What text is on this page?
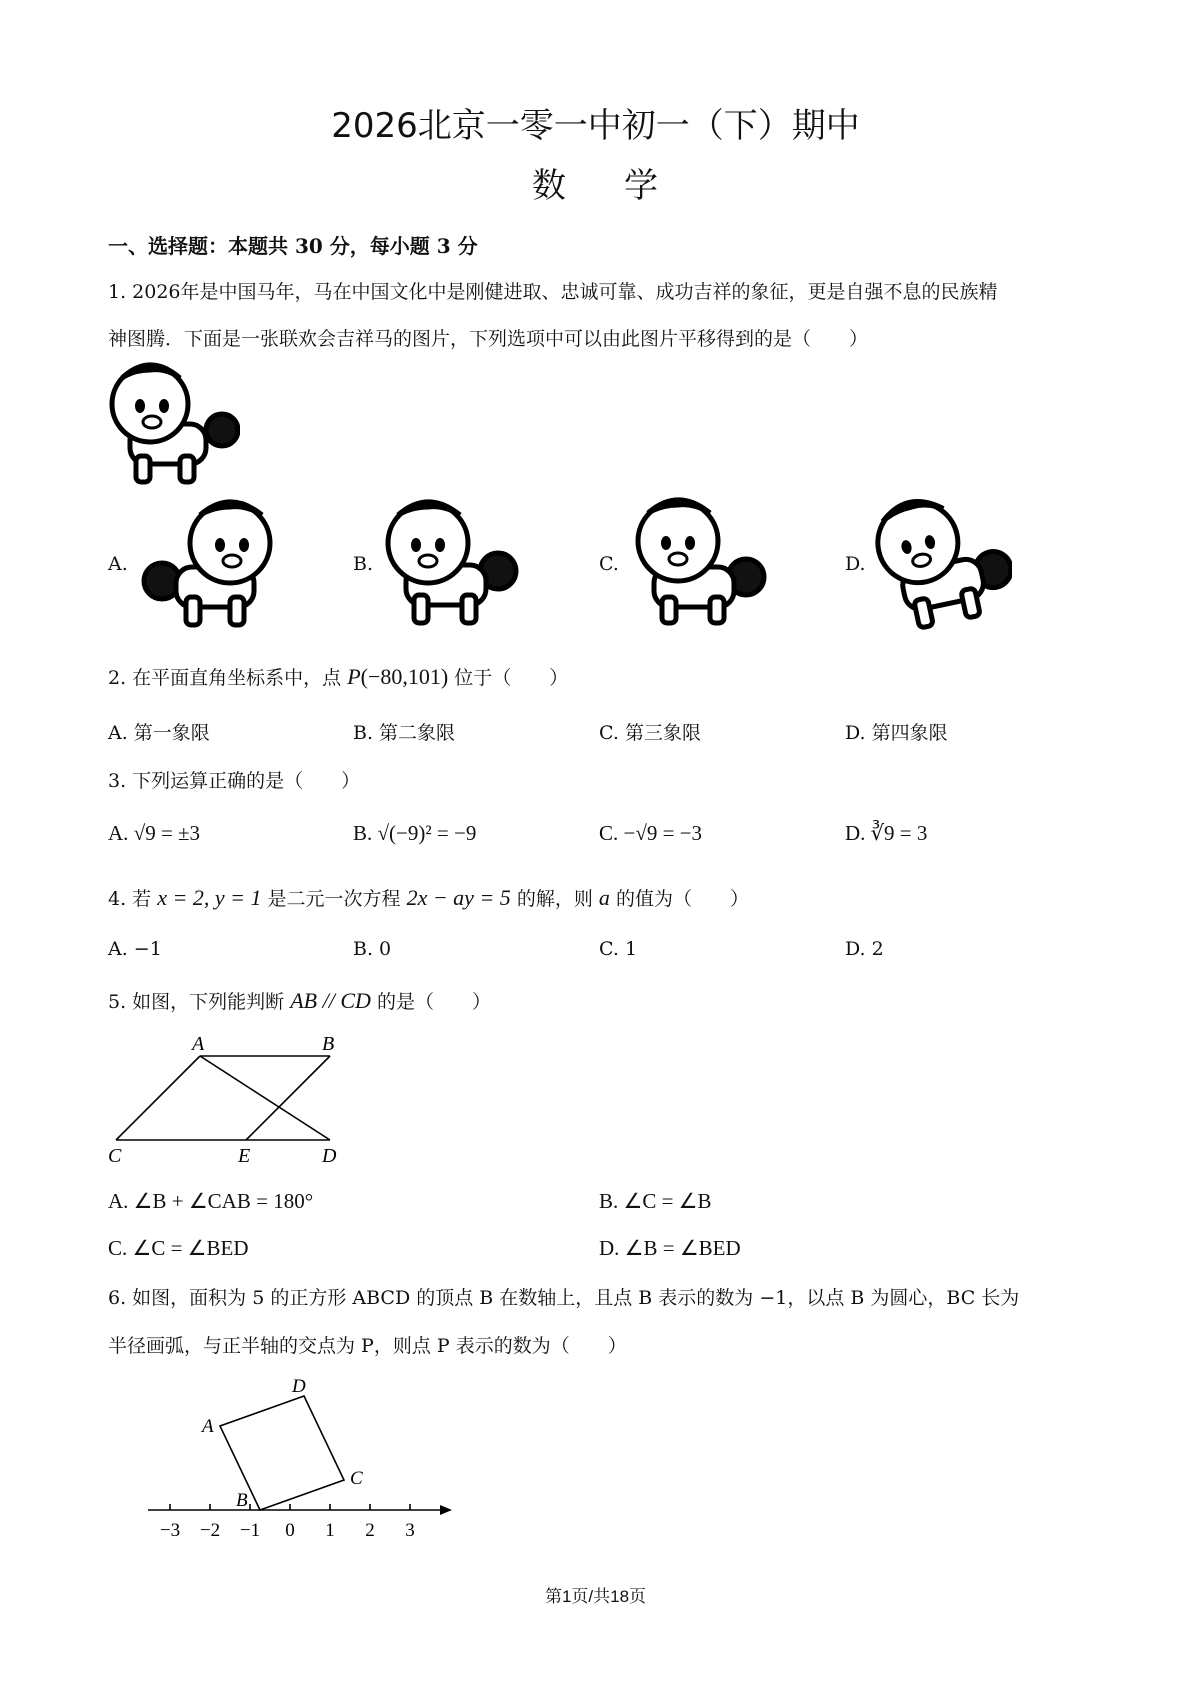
2026北京一零一中初一（下）期中
数学
一、选择题：本题共 30 分，每小题 3 分
1. 2026年是中国马年，马在中国文化中是刚健进取、忠诚可靠、成功吉祥的象征，更是自强不息的民族精
神图腾．下面是一张联欢会吉祥马的图片，下列选项中可以由此图片平移得到的是（　　）
A.	B.	C.	D.
2. 在平面直角坐标系中，点 P(−80,101) 位于（　　）
A. 第一象限	B. 第二象限	C. 第三象限	D. 第四象限
3. 下列运算正确的是（　　）
A. √9 = ±3	B. √(−9)² = −9	C. −√9 = −3	D. ∛9 = 3
4. 若 x = 2, y = 1 是二元一次方程 2x − ay = 5 的解，则 a 的值为（　　）
A. −1	B. 0	C. 1	D. 2
5. 如图，下列能判断 AB // CD 的是（　　）
A	B
C	E	D
A. ∠B + ∠CAB = 180°	B. ∠C = ∠B
C. ∠C = ∠BED	D. ∠B = ∠BED
6. 如图，面积为 5 的正方形 ABCD 的顶点 B 在数轴上，且点 B 表示的数为 −1，以点 B 为圆心，BC 长为
半径画弧，与正半轴的交点为 P，则点 P 表示的数为（　　）
D
A
C
B
−3 −2 −1 0 1 2 3
第1页/共18页
